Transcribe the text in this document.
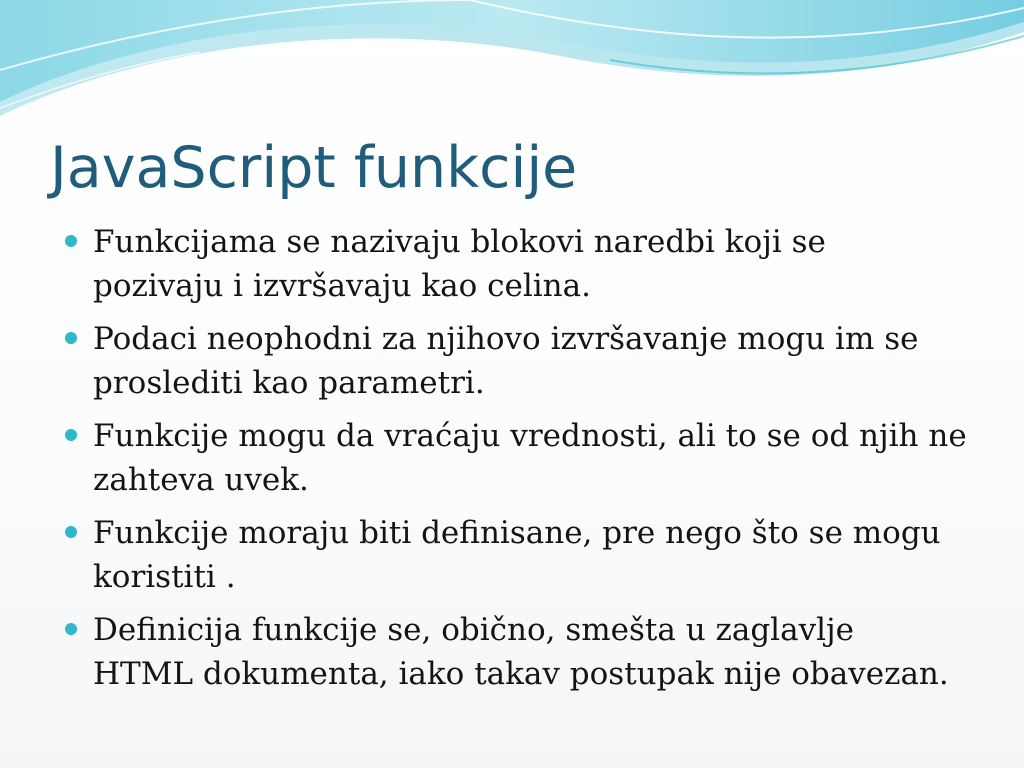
JavaScript funkcije
Funkcijama se nazivaju blokovi naredbi koji se
pozivaju i izvršavaju kao celina.
Podaci neophodni za njihovo izvršavanje mogu im se
proslediti kao parametri.
Funkcije mogu da vraćaju vrednosti, ali to se od njih ne
zahteva uvek.
Funkcije moraju biti definisane, pre nego što se mogu
koristiti .
Definicija funkcije se, obično, smešta u zaglavlje
HTML dokumenta, iako takav postupak nije obavezan.
